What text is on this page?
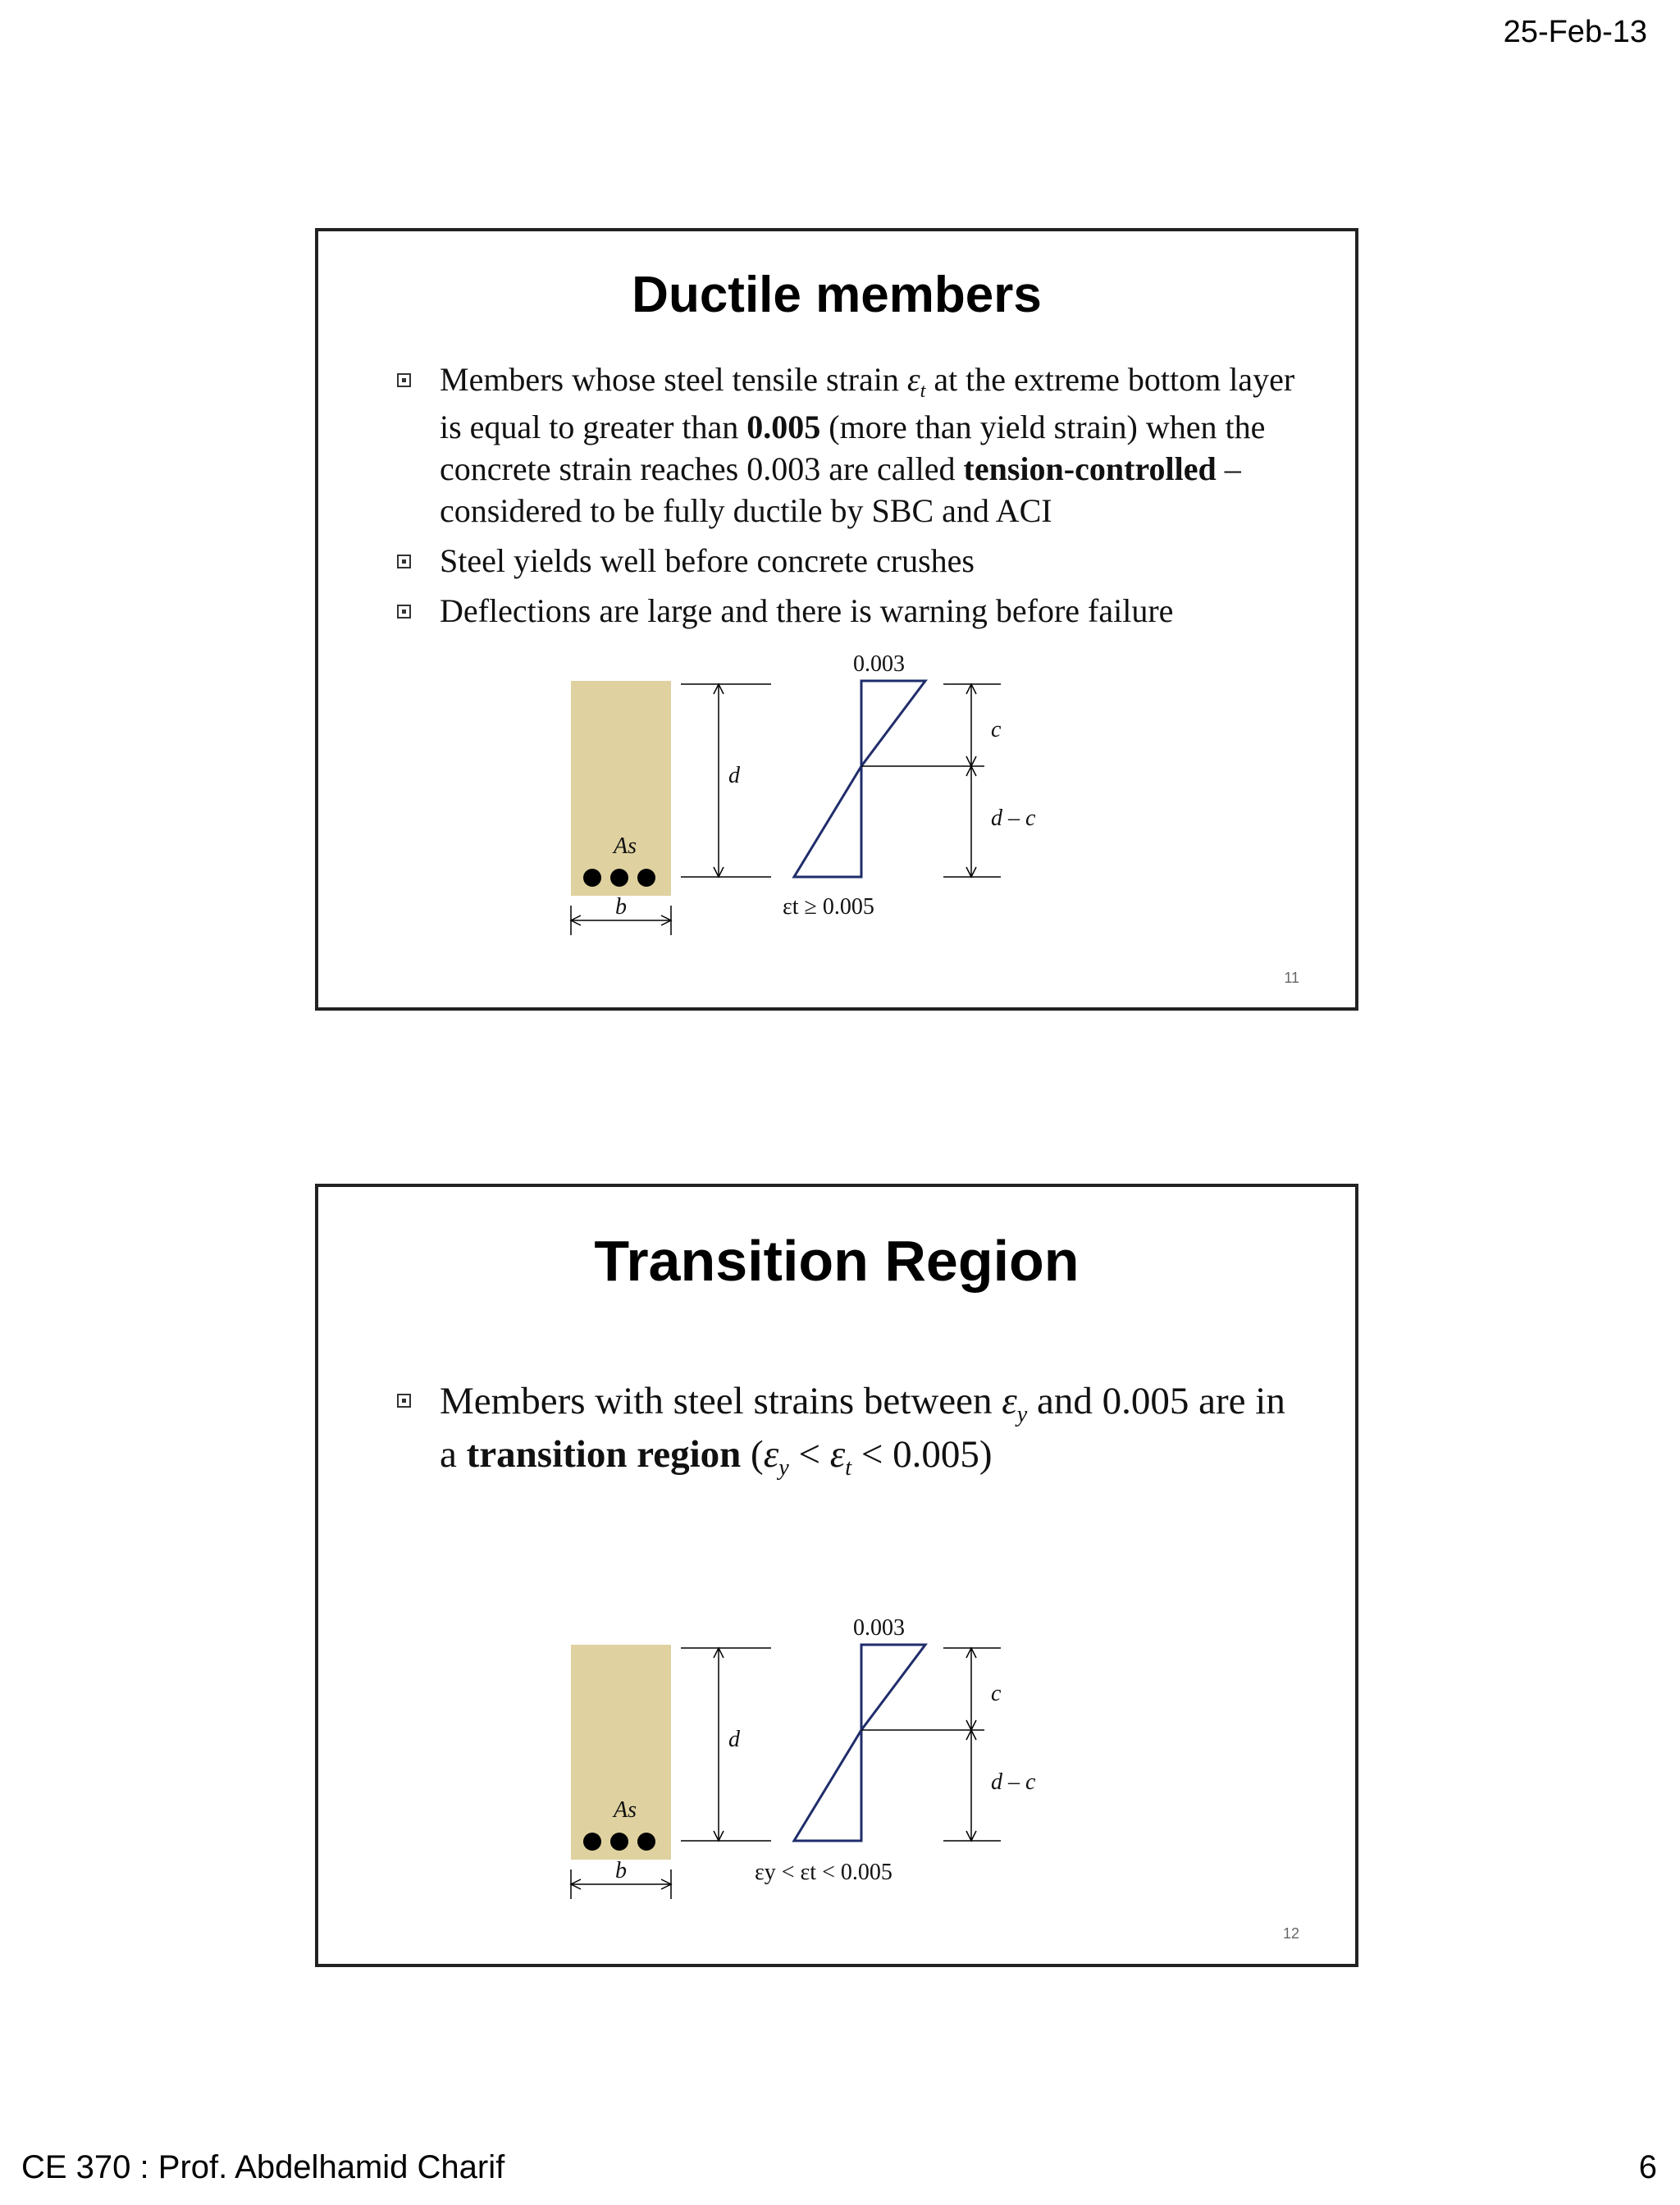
25-Feb-13
Ductile members
Members whose steel tensile strain $\varepsilon_t$ at the extreme bottom layer is equal to greater than 0.005 (more than yield strain) when the concrete strain reaches 0.003 are called tension-controlled – considered to be fully ductile by SBC and ACI
Steel yields well before concrete crushes
Deflections are large and there is warning before failure
As
b
d
0.003
εt ≥ 0.005
c
d – c
11
Transition Region
Members with steel strains between $\varepsilon_y$ and 0.005 are in a transition region $(\varepsilon_y < \varepsilon_t < 0.005)$
As
b
d
0.003
εy < εt < 0.005
c
d – c
12
CE 370 : Prof. Abdelhamid Charif	6
